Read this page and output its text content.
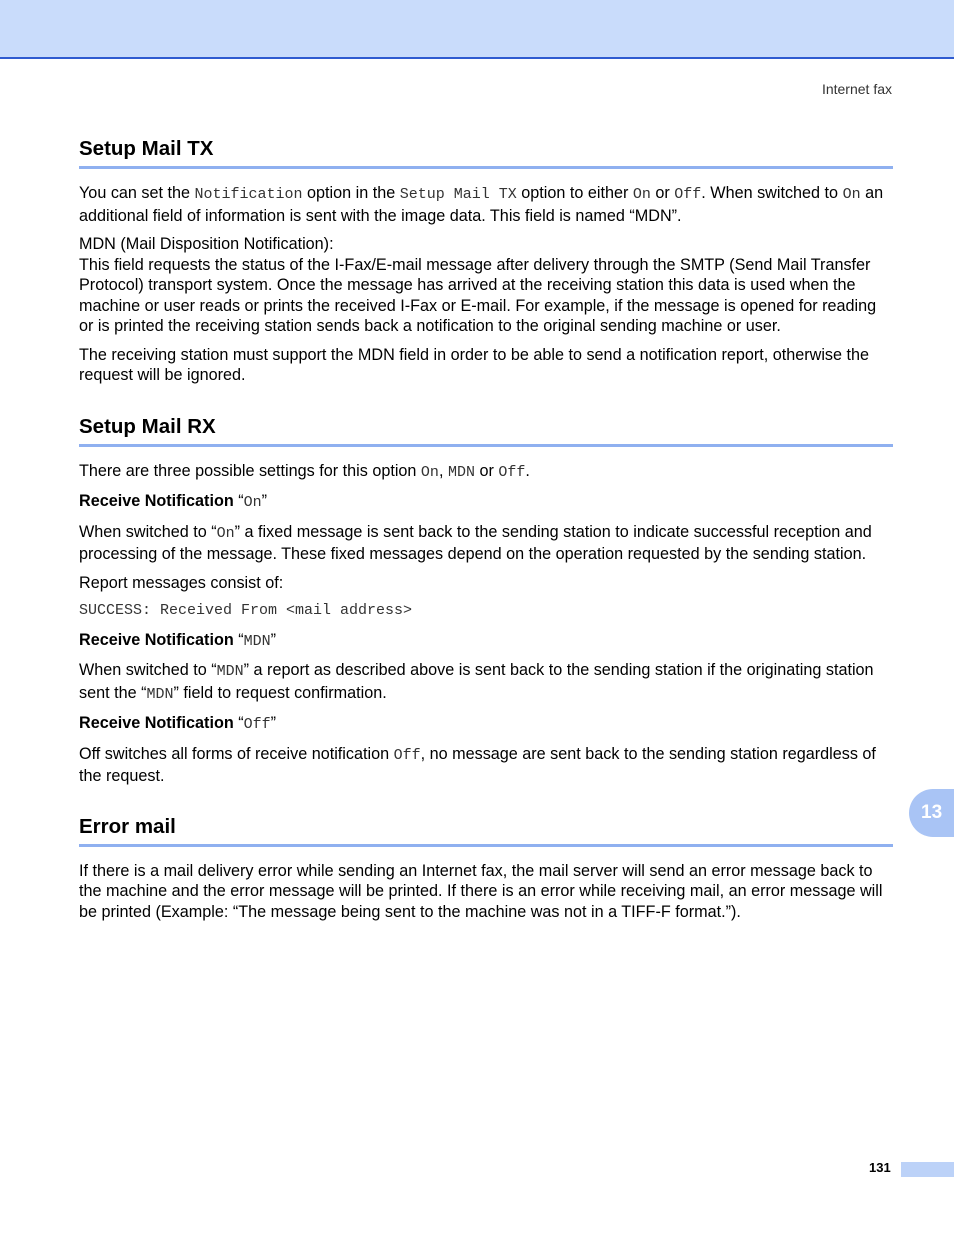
Internet fax
Setup Mail TX

You can set the Notification option in the Setup Mail TX option to either On or Off. When switched to On an additional field of information is sent with the image data. This field is named “MDN”.

MDN (Mail Disposition Notification):

This field requests the status of the I-Fax/E-mail message after delivery through the SMTP (Send Mail Transfer Protocol) transport system. Once the message has arrived at the receiving station this data is used when the machine or user reads or prints the received I-Fax or E-mail. For example, if the message is opened for reading or is printed the receiving station sends back a notification to the original sending machine or user.

The receiving station must support the MDN field in order to be able to send a notification report, otherwise the request will be ignored.

Setup Mail RX

There are three possible settings for this option On, MDN or Off.

Receive Notification “On”

When switched to “On” a fixed message is sent back to the sending station to indicate successful reception and processing of the message. These fixed messages depend on the operation requested by the sending station.

Report messages consist of:

SUCCESS: Received From <mail address>

Receive Notification “MDN”

When switched to “MDN” a report as described above is sent back to the sending station if the originating station sent the “MDN” field to request confirmation.

Receive Notification “Off”

Off switches all forms of receive notification Off, no message are sent back to the sending station regardless of the request.

Error mail

If there is a mail delivery error while sending an Internet fax, the mail server will send an error message back to the machine and the error message will be printed. If there is an error while receiving mail, an error message will be printed (Example: “The message being sent to the machine was not in a TIFF-F format.”).

13
131
